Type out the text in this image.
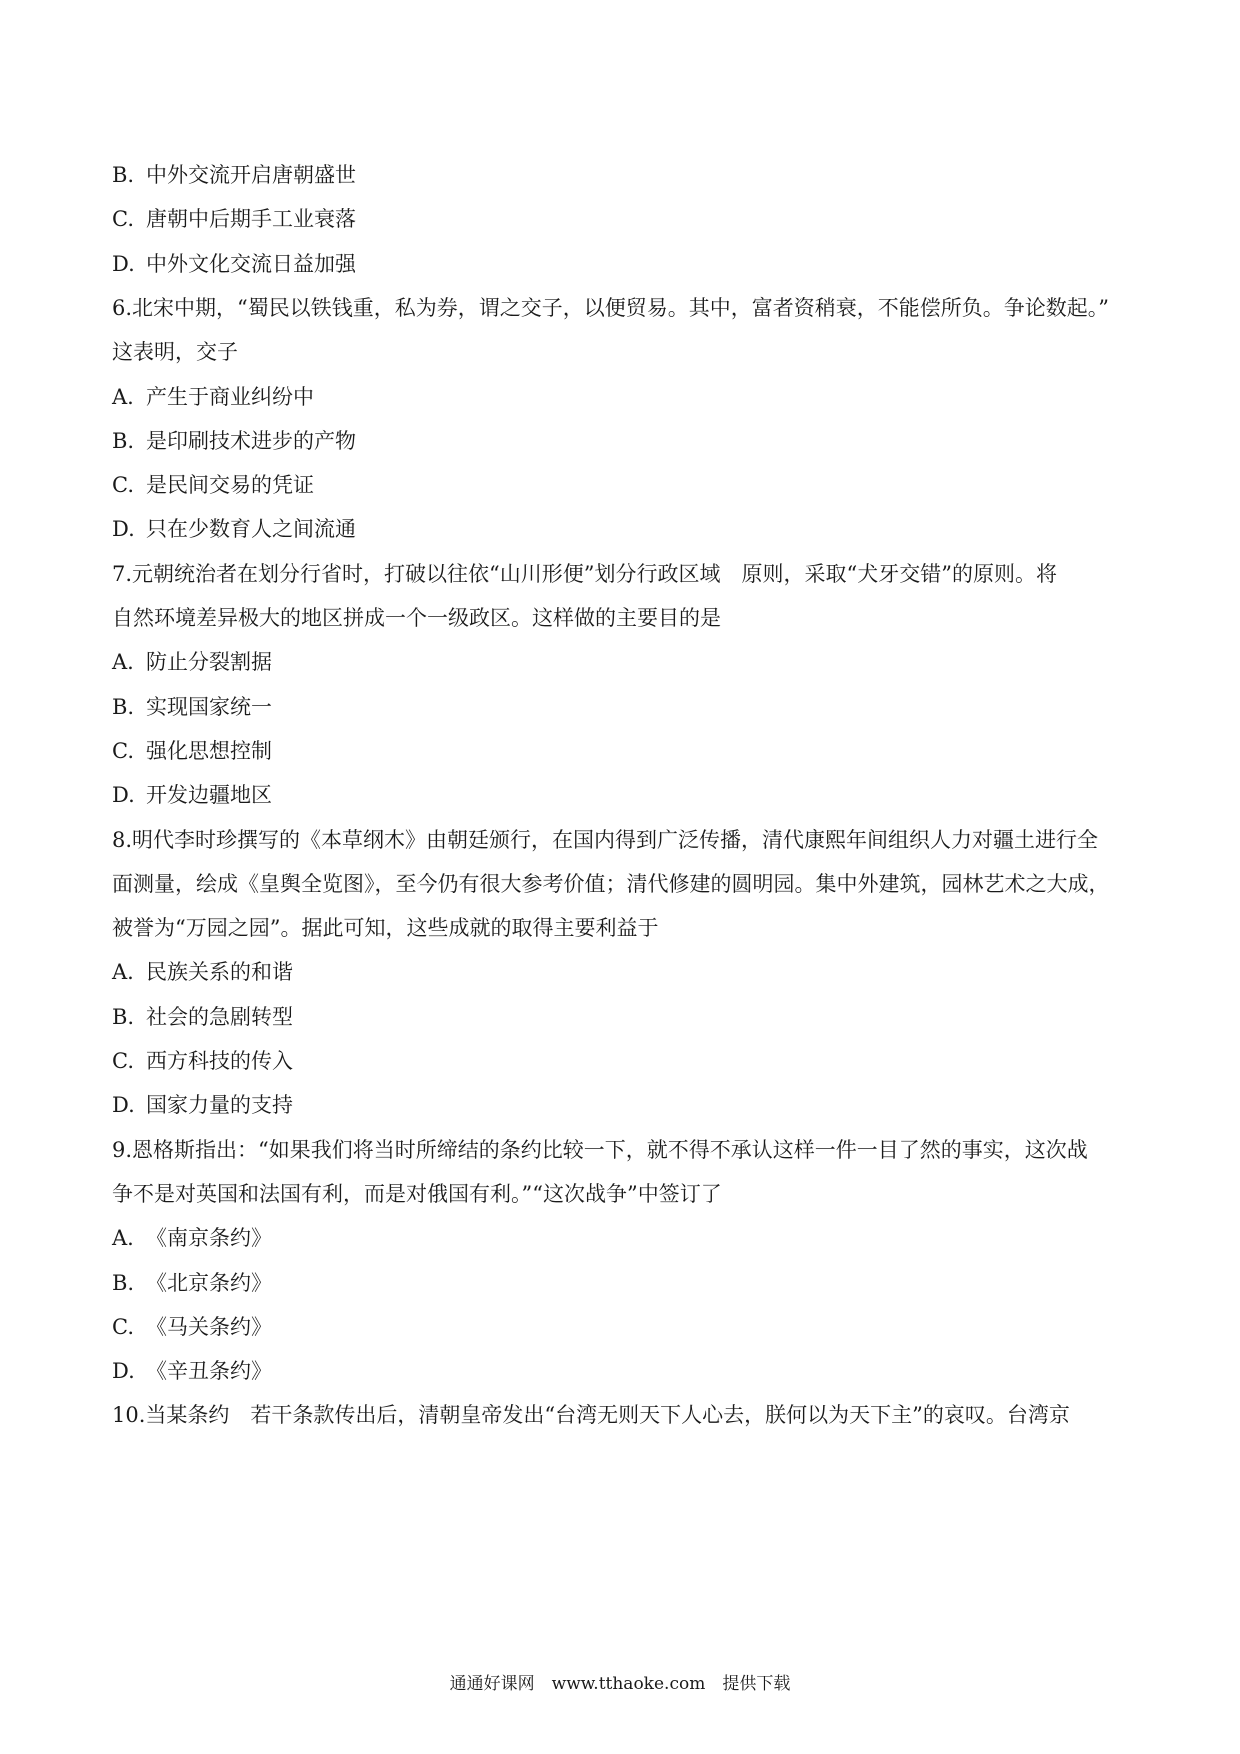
B. 中外交流开启唐朝盛世
C. 唐朝中后期手工业衰落
D. 中外文化交流日益加强
6.北宋中期，“蜀民以铁钱重，私为券，谓之交子，以便贸易。其中，富者资稍衰，不能偿所负。争论数起。”
这表明，交子
A. 产生于商业纠纷中
B. 是印刷技术进步的产物
C. 是民间交易的凭证
D. 只在少数育人之间流通
7.元朝统治者在划分行省时，打破以往依“山川形便”划分行政区域　原则，采取“犬牙交错”的原则。将
自然环境差异极大的地区拼成一个一级政区。这样做的主要目的是
A. 防止分裂割据
B. 实现国家统一
C. 强化思想控制
D. 开发边疆地区
8.明代李时珍撰写的《本草纲木》由朝廷颁行，在国内得到广泛传播，清代康熙年间组织人力对疆土进行全
面测量，绘成《皇舆全览图》，至今仍有很大参考价值；清代修建的圆明园。集中外建筑，园林艺术之大成，
被誉为“万园之园”。据此可知，这些成就的取得主要利益于
A. 民族关系的和谐
B. 社会的急剧转型
C. 西方科技的传入
D. 国家力量的支持
9.恩格斯指出：“如果我们将当时所缔结的条约比较一下，就不得不承认这样一件一目了然的事实，这次战
争不是对英国和法国有利，而是对俄国有利。”“这次战争”中签订了
A. 《南京条约》
B. 《北京条约》
C. 《马关条约》
D. 《辛丑条约》
10.当某条约　若干条款传出后，清朝皇帝发出“台湾无则天下人心去，朕何以为天下主”的哀叹。台湾京
通通好课网　www.tthaoke.com　提供下载
